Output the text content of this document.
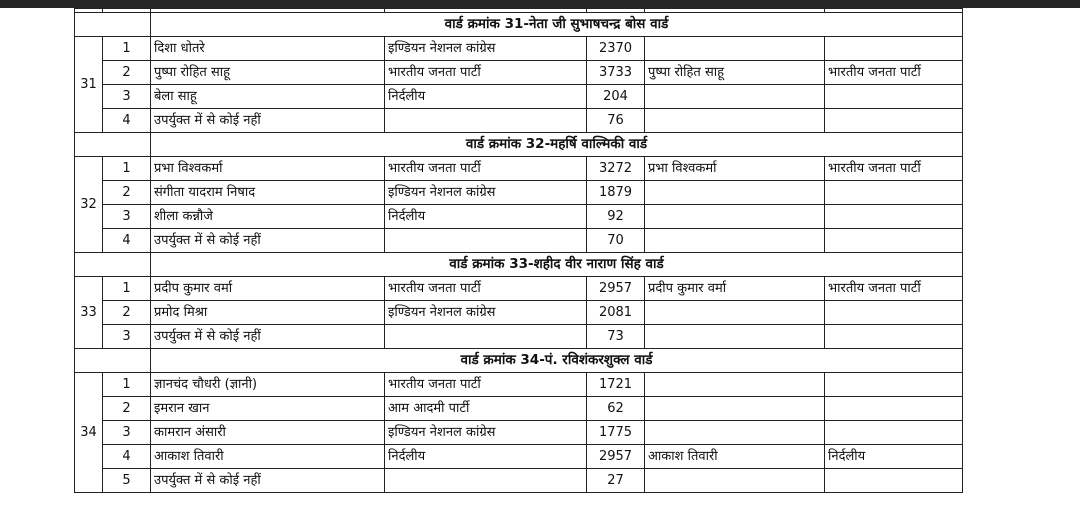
		वार्ड क्रमांक 31-नेता जी सुभाषचन्द्र बोस वार्ड				
31	1	दिशा धोतरे	इण्डियन नेशनल कांग्रेस	2370		
	2	पुष्पा रोहित साहू	भारतीय जनता पार्टी	3733	पुष्पा रोहित साहू	भारतीय जनता पार्टी
	3	बेला साहू	निर्दलीय	204		
	4	उपर्युक्त में से कोई नहीं		76		
		वार्ड क्रमांक 32-महर्षि वाल्मिकी वार्ड				
32	1	प्रभा विश्वकर्मा	भारतीय जनता पार्टी	3272	प्रभा विश्वकर्मा	भारतीय जनता पार्टी
	2	संगीता यादराम निषाद	इण्डियन नेशनल कांग्रेस	1879		
	3	शीला कन्नौजे	निर्दलीय	92		
	4	उपर्युक्त में से कोई नहीं		70		
		वार्ड क्रमांक 33-शहीद वीर नाराण सिंह वार्ड				
33	1	प्रदीप कुमार वर्मा	भारतीय जनता पार्टी	2957	प्रदीप कुमार वर्मा	भारतीय जनता पार्टी
	2	प्रमोद मिश्रा	इण्डियन नेशनल कांग्रेस	2081		
	3	उपर्युक्त में से कोई नहीं		73		
		वार्ड क्रमांक 34-पं. रविशंकरशुक्ल वार्ड				
34	1	ज्ञानचंद चौधरी (ज्ञानी)	भारतीय जनता पार्टी	1721		
	2	इमरान खान	आम आदमी पार्टी	62		
	3	कामरान अंसारी	इण्डियन नेशनल कांग्रेस	1775		
	4	आकाश तिवारी	निर्दलीय	2957	आकाश तिवारी	निर्दलीय
	5	उपर्युक्त में से कोई नहीं		27		
